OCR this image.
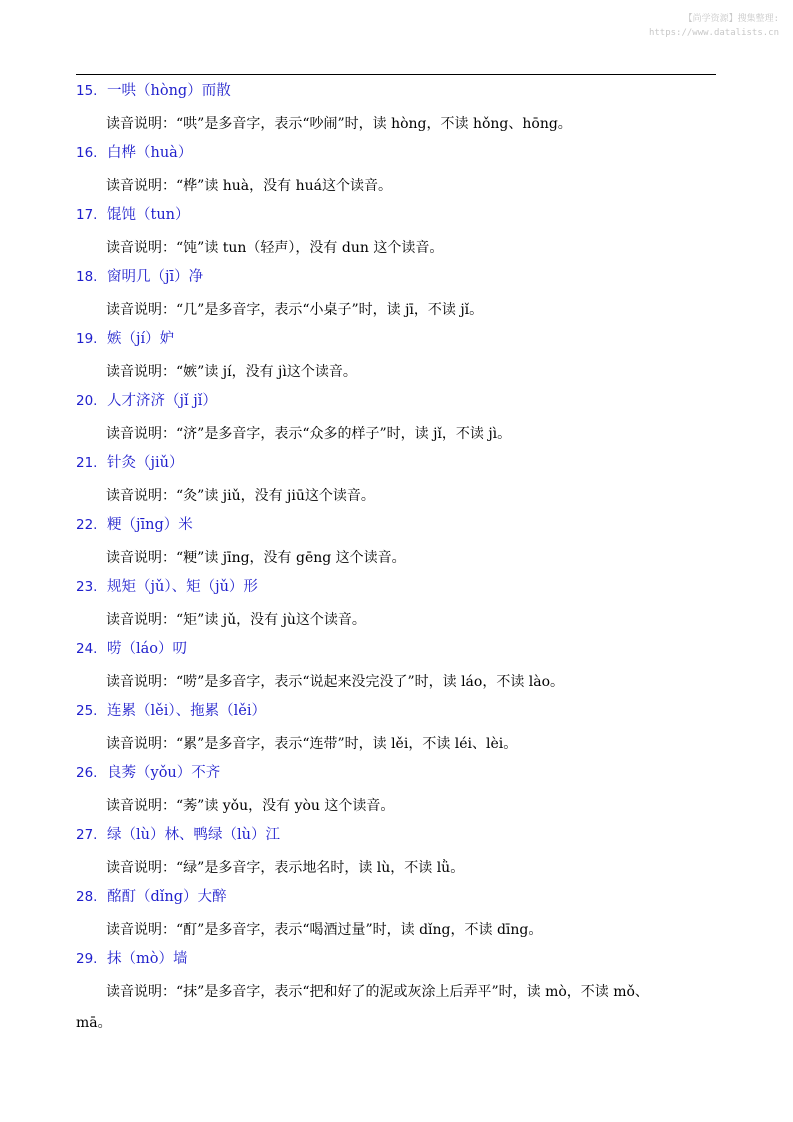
【尚学资源】搜集整理:
https://www.datalists.cn
15. 一哄（hòng）而散
读音说明：“哄”是多音字，表示“吵闹”时，读 hòng，不读 hǒng、hōng。
16. 白桦（huà）
读音说明：“桦”读 huà，没有 huá这个读音。
17. 馄饨（tun）
读音说明：“饨”读 tun（轻声），没有 dun 这个读音。
18. 窗明几（jī）净
读音说明：“几”是多音字，表示“小桌子”时，读 jī，不读 jǐ。
19. 嫉（jí）妒
读音说明：“嫉”读 jí，没有 jì这个读音。
20. 人才济济（jǐ jǐ）
读音说明：“济”是多音字，表示“众多的样子”时，读 jǐ，不读 jì。
21. 针灸（jiǔ）
读音说明：“灸”读 jiǔ，没有 jiū这个读音。
22. 粳（jīng）米
读音说明：“粳”读 jīng，没有 gēng 这个读音。
23. 规矩（jǔ）、矩（jǔ）形
读音说明：“矩”读 jǔ，没有 jù这个读音。
24. 唠（láo）叨
读音说明：“唠”是多音字，表示“说起来没完没了”时，读 láo，不读 lào。
25. 连累（lěi）、拖累（lěi）
读音说明：“累”是多音字，表示“连带”时，读 lěi，不读 léi、lèi。
26. 良莠（yǒu）不齐
读音说明：“莠”读 yǒu，没有 yòu 这个读音。
27. 绿（lù）林、鸭绿（lù）江
读音说明：“绿”是多音字，表示地名时，读 lù，不读 lǜ。
28. 酩酊（dǐng）大醉
读音说明：“酊”是多音字，表示“喝酒过量”时，读 dǐng，不读 dīng。
29. 抹（mò）墙
读音说明：“抹”是多音字，表示“把和好了的泥或灰涂上后弄平”时，读 mò，不读 mǒ、
mā。
